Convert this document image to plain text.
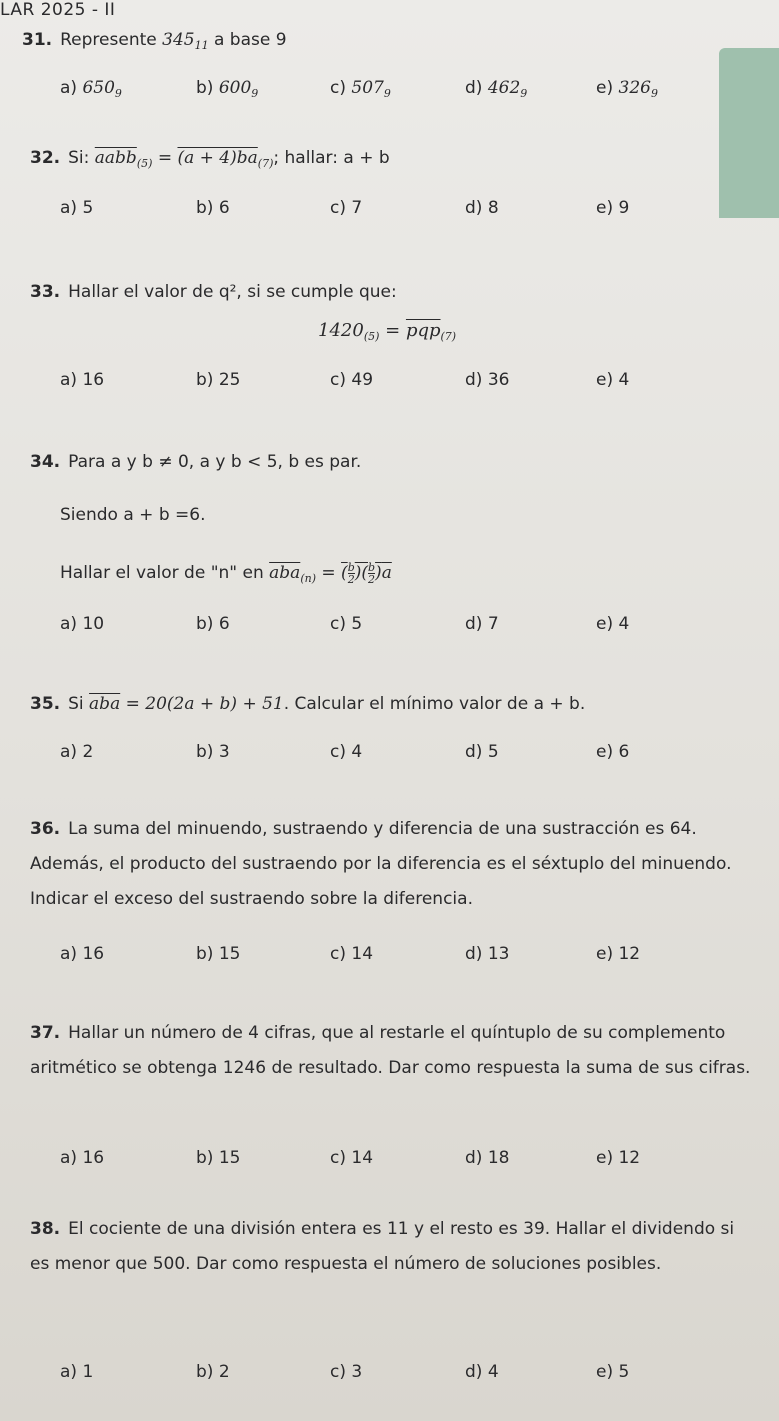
LAR 2025 - II
31. Represente $345_{11}$ a base 9
a) $650_9$	b) $600_9$	c) $507_9$	d) $462_9$	e) $326_9$
32. Si: aabb$_{(5)}$ = $(a + 4)ba_{(7)}$; hallar: a + b
a) 5	b) 6	c) 7	d) 8	e) 9
33. Hallar el valor de q², si se cumple que:
$1420_{(5)} = \overline{pqp}_{(7)}$
a) 16	b) 25	c) 49	d) 36	e) 4
34. Para a y b ≠ 0, a y b < 5, b es par.
Siendo a + b =6.
Hallar el valor de "n" en $\overline{aba}_{(n)}$ = ( $\frac{b}{2}$ )( $\frac{b}{2} )a$
a) 10	b) 6	c) 5	d) 7	e) 4
35. Si $\overline{aba} = 20(2a + b) + 51$. Calcular el mínimo valor de a + b.
a) 2	b) 3	c) 4	d) 5	e) 6
36. La suma del minuendo, sustraendo y diferencia de una sustracción es 64. Además, el producto del sustraendo por la diferencia es el séxtuplo del minuendo. Indicar el exceso del sustraendo sobre la diferencia.
a) 16	b) 15	c) 14	d) 13	e) 12
37. Hallar un número de 4 cifras, que al restarle el quíntuplo de su complemento aritmético se obtenga 1246 de resultado. Dar como respuesta la suma de sus cifras.
a) 16	b) 15	c) 14	d) 18	e) 12
38. El cociente de una división entera es 11 y el resto es 39. Hallar el dividendo si es menor que 500. Dar como respuesta el número de soluciones posibles.
a) 1	b) 2	c) 3	d) 4	e) 5
